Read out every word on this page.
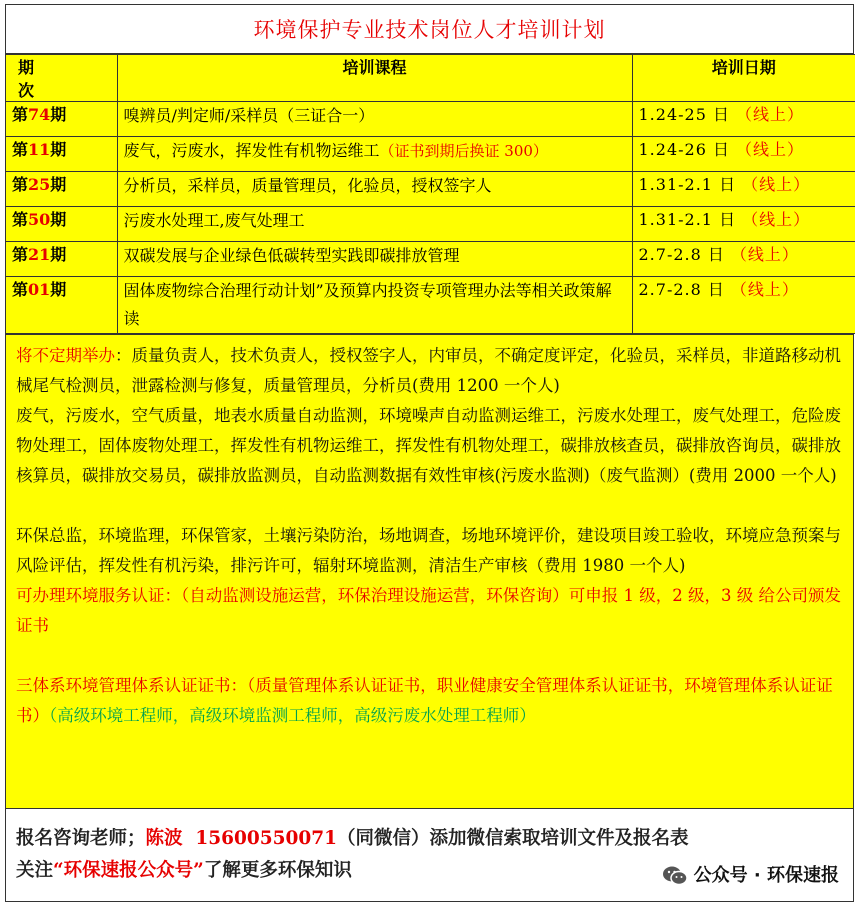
环境保护专业技术岗位人才培训计划
期　次	培训课程	培训日期
第74期	嗅辨员/判定师/采样员（三证合一）	1.24-25 日 （线上）
第11期	废气，污废水，挥发性有机物运维工（证书到期后换证 300）	1.24-26 日 （线上）
第25期	分析员，采样员，质量管理员，化验员，授权签字人	1.31-2.1 日 （线上）
第50期	污废水处理工,废气处理工	1.31-2.1 日 （线上）
第21期	双碳发展与企业绿色低碳转型实践即碳排放管理	2.7-2.8 日 （线上）
第01期	固体废物综合治理行动计划”及预算内投资专项管理办法等相关政策解读	2.7-2.8 日 （线上）

将不定期举办：质量负责人，技术负责人，授权签字人，内审员，不确定度评定，化验员，采样员，非道路移动机械尾气检测员，泄露检测与修复，质量管理员，分析员(费用 1200 一个人)

废气，污废水，空气质量，地表水质量自动监测，环境噪声自动监测运维工，污废水处理工，废气处理工，危险废物处理工，固体废物处理工，挥发性有机物运维工，挥发性有机物处理工，碳排放核查员，碳排放咨询员，碳排放核算员，碳排放交易员，碳排放监测员，自动监测数据有效性审核(污废水监测)（废气监测）(费用 2000 一个人)

环保总监，环境监理，环保管家，土壤污染防治，场地调查，场地环境评价，建设项目竣工验收，环境应急预案与风险评估，挥发性有机污染，排污许可，辐射环境监测，清洁生产审核（费用 1980 一个人)

可办理环境服务认证：（自动监测设施运营，环保治理设施运营，环保咨询）可申报 1 级，2 级，3 级 给公司颁发证书

三体系环境管理体系认证证书：（质量管理体系认证证书，职业健康安全管理体系认证证书，环境管理体系认证证书）（高级环境工程师，高级环境监测工程师，高级污废水处理工程师）

报名咨询老师；陈波 15600550071（同微信）添加微信索取培训文件及报名表
关注“环保速报公众号”了解更多环保知识	公众号 · 环保速报
